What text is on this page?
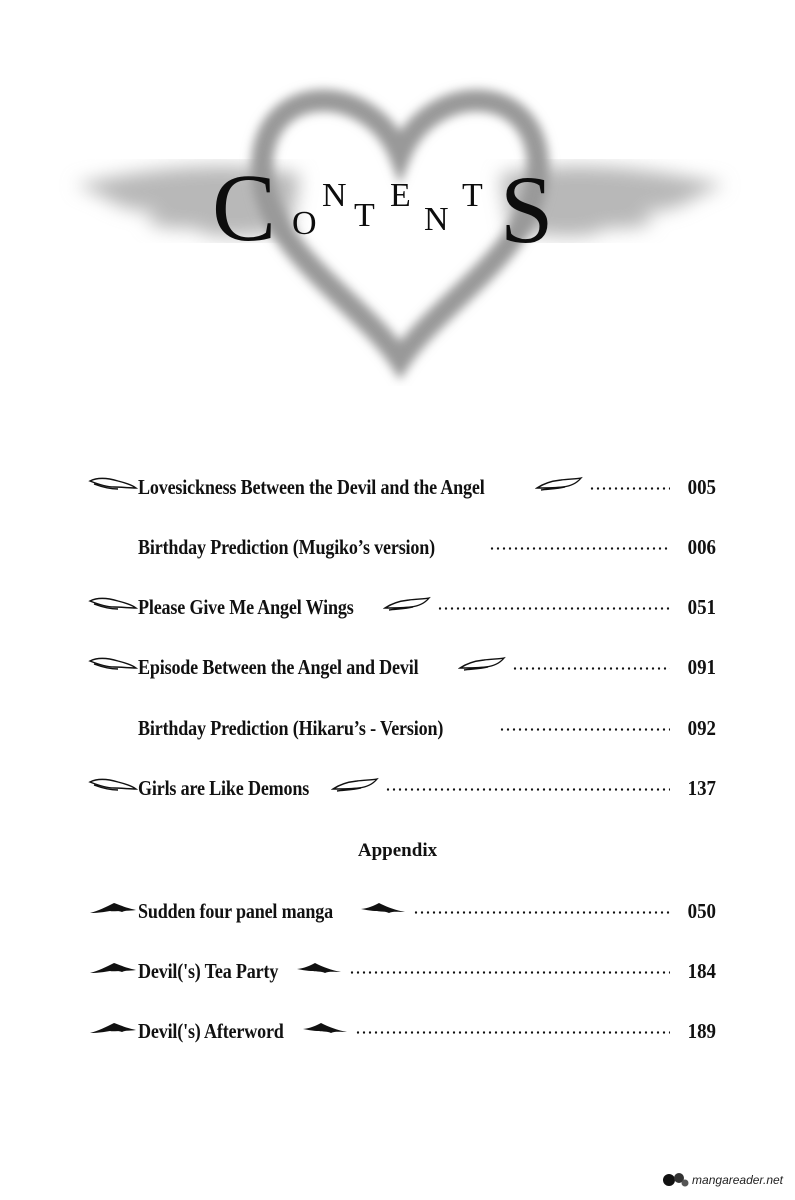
C O
N
T
E
N
T S
Lovesickness Between the Devil and the Angel	005
Birthday Prediction (Mugiko’s version)	006
Please Give Me Angel Wings	051
Episode Between the Angel and Devil	091
Birthday Prediction (Hikaru’s - Version)	092
Girls are Like Demons	137
Appendix
Sudden four panel manga	050
Devil('s) Tea Party	184
Devil('s) Afterword	189
mangareader.net
